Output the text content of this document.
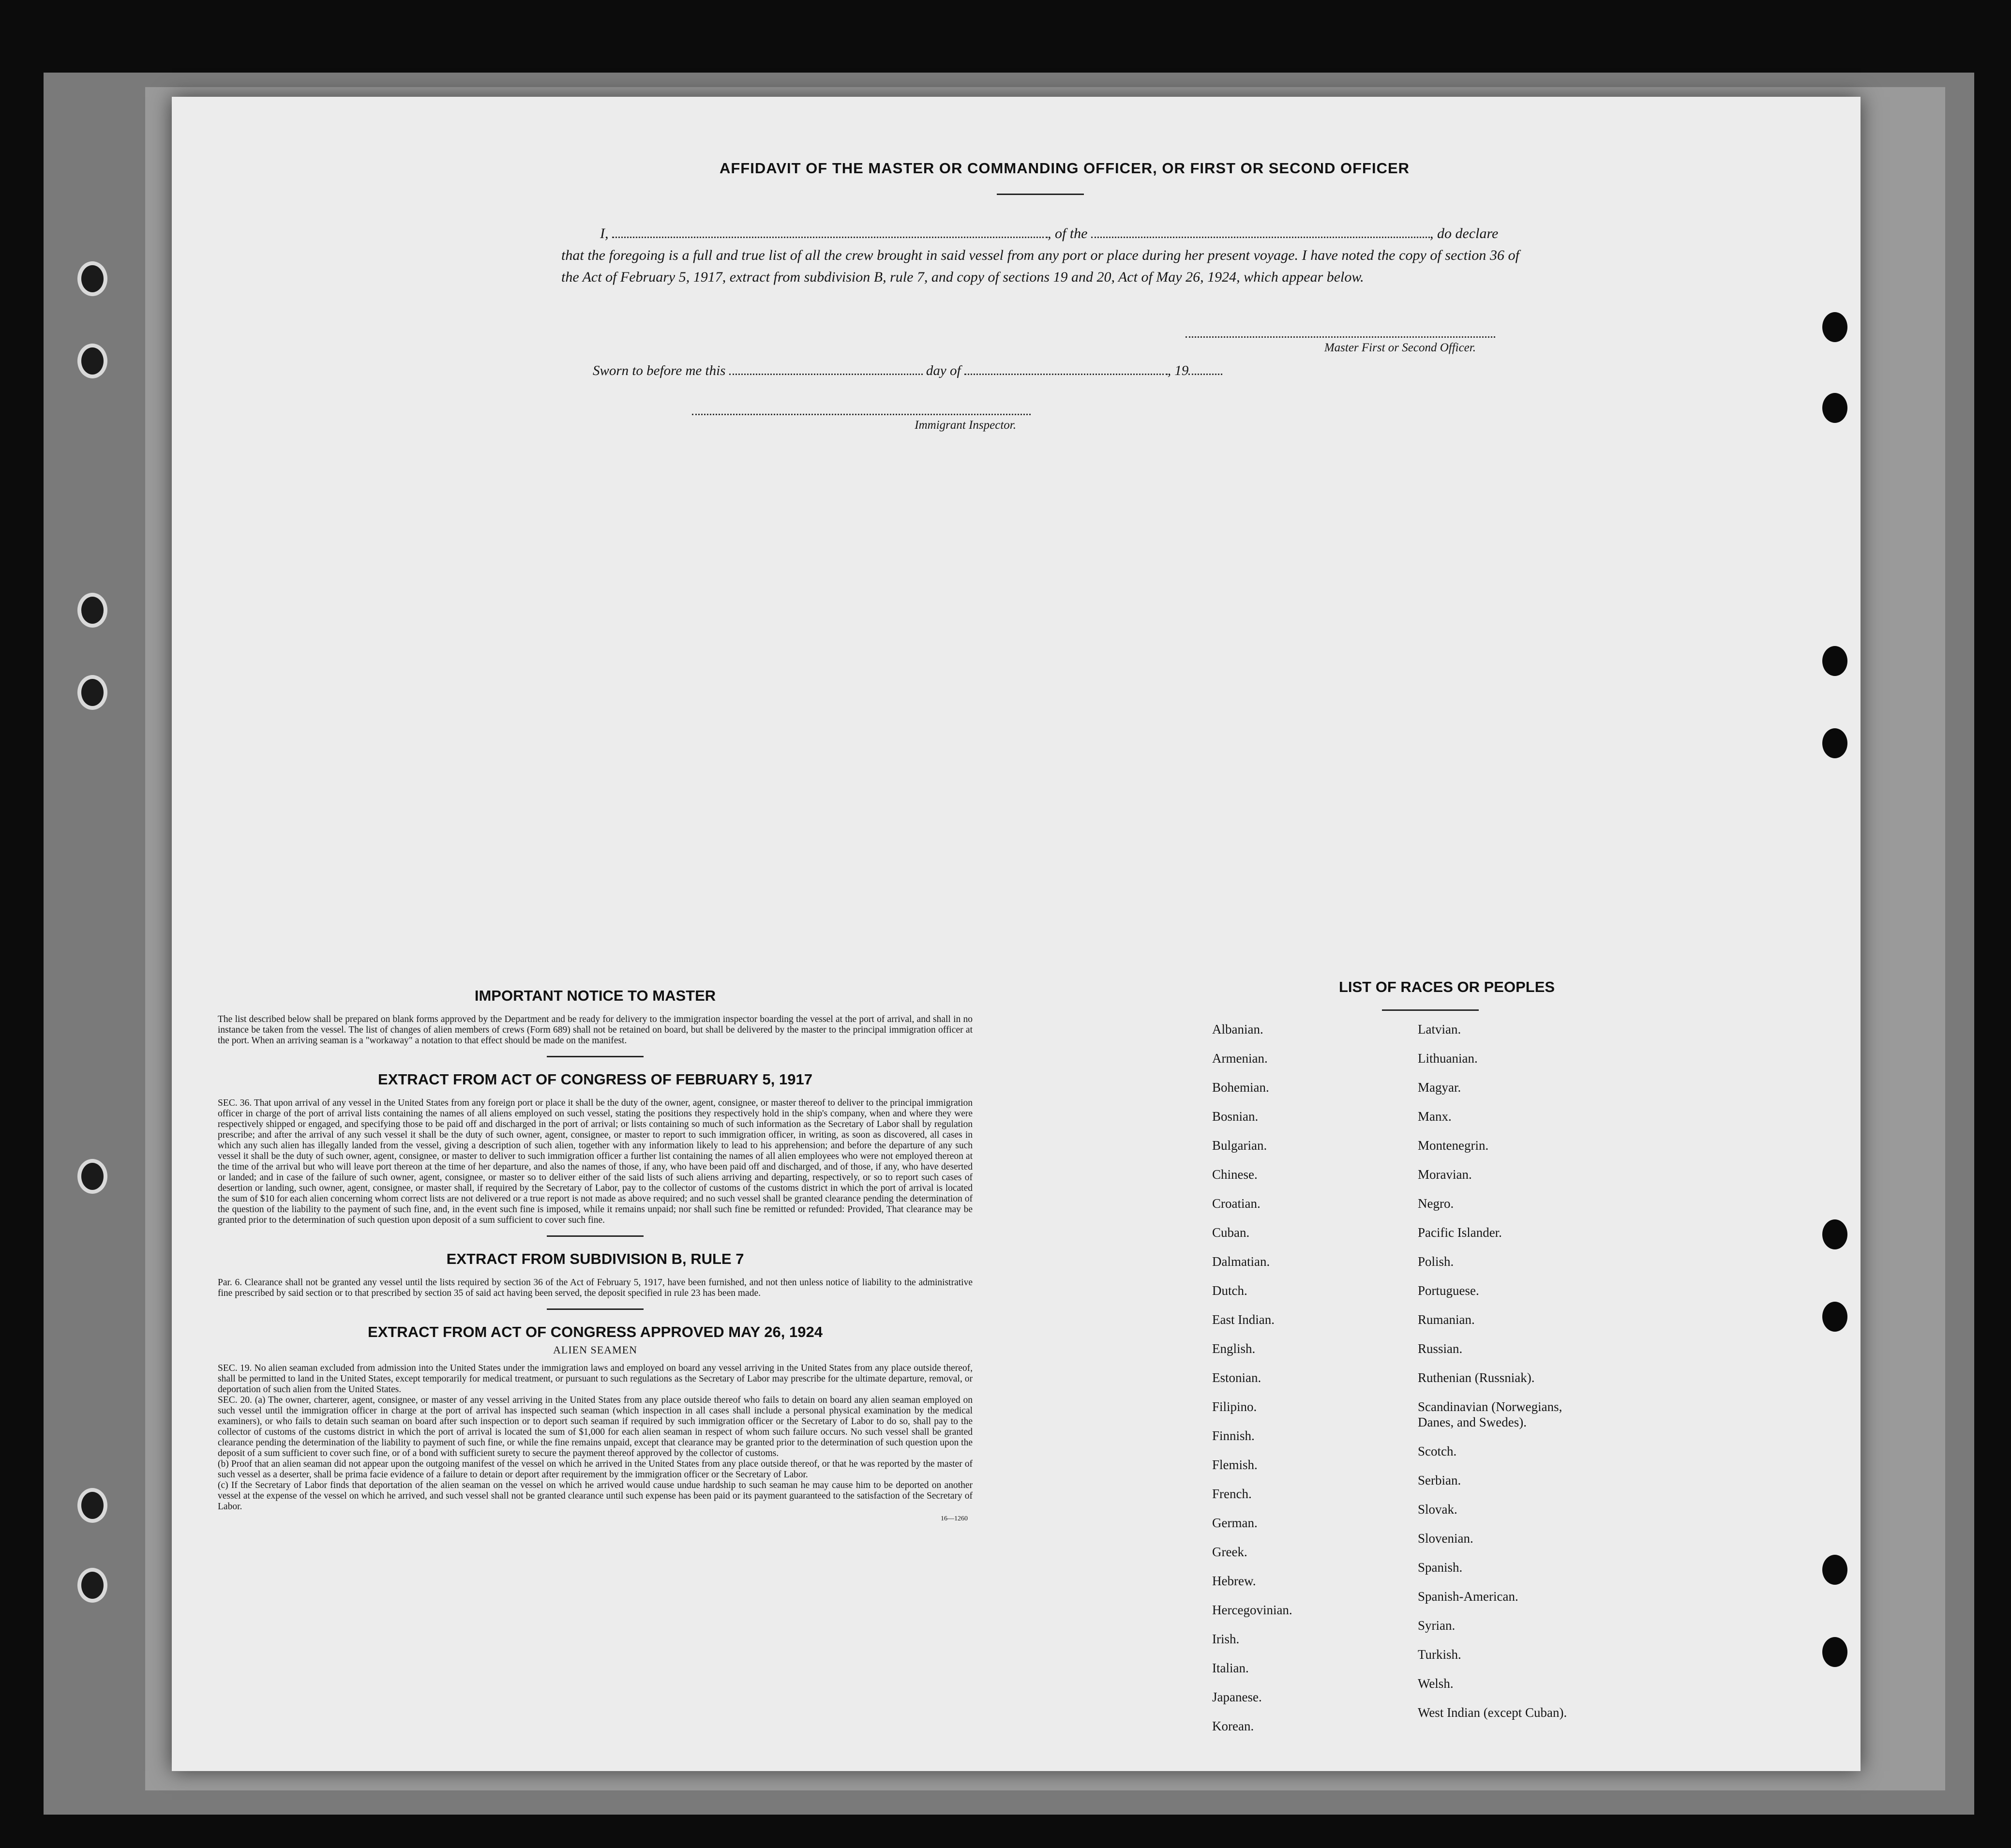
AFFIDAVIT OF THE MASTER OR COMMANDING OFFICER, OR FIRST OR SECOND OFFICER
I,	, of the	, do declare
that the foregoing is a full and true list of all the crew brought in said vessel from any port or place during her present voyage. I have noted the copy of section 36 of the Act of February 5, 1917, extract from subdivision B, rule 7, and copy of sections 19 and 20, Act of May 26, 1924, which appear below.
Master First or Second Officer.
Sworn to before me this	day of	, 19
Immigrant Inspector.
IMPORTANT NOTICE TO MASTER

The list described below shall be prepared on blank forms approved by the Department and be ready for delivery to the immigration inspector boarding the vessel at the port of arrival, and shall in no instance be taken from the vessel. The list of changes of alien members of crews (Form 689) shall not be retained on board, but shall be delivered by the master to the principal immigration officer at the port. When an arriving seaman is a "workaway" a notation to that effect should be made on the manifest.

EXTRACT FROM ACT OF CONGRESS OF FEBRUARY 5, 1917

SEC. 36. That upon arrival of any vessel in the United States from any foreign port or place it shall be the duty of the owner, agent, consignee, or master thereof to deliver to the principal immigration officer in charge of the port of arrival lists containing the names of all aliens employed on such vessel, stating the positions they respectively hold in the ship's company, when and where they were respectively shipped or engaged, and specifying those to be paid off and discharged in the port of arrival; or lists containing so much of such information as the Secretary of Labor shall by regulation prescribe; and after the arrival of any such vessel it shall be the duty of such owner, agent, consignee, or master to report to such immigration officer, in writing, as soon as discovered, all cases in which any such alien has illegally landed from the vessel, giving a description of such alien, together with any information likely to lead to his apprehension; and before the departure of any such vessel it shall be the duty of such owner, agent, consignee, or master to deliver to such immigration officer a further list containing the names of all alien employees who were not employed thereon at the time of the arrival but who will leave port thereon at the time of her departure, and also the names of those, if any, who have been paid off and discharged, and of those, if any, who have deserted or landed; and in case of the failure of such owner, agent, consignee, or master so to deliver either of the said lists of such aliens arriving and departing, respectively, or so to report such cases of desertion or landing, such owner, agent, consignee, or master shall, if required by the Secretary of Labor, pay to the collector of customs of the customs district in which the port of arrival is located the sum of $10 for each alien concerning whom correct lists are not delivered or a true report is not made as above required; and no such vessel shall be granted clearance pending the determination of the question of the liability to the payment of such fine, and, in the event such fine is imposed, while it remains unpaid; nor shall such fine be remitted or refunded: Provided, That clearance may be granted prior to the determination of such question upon deposit of a sum sufficient to cover such fine.

EXTRACT FROM SUBDIVISION B, RULE 7

Par. 6. Clearance shall not be granted any vessel until the lists required by section 36 of the Act of February 5, 1917, have been furnished, and not then unless notice of liability to the administrative fine prescribed by said section or to that prescribed by section 35 of said act having been served, the deposit specified in rule 23 has been made.

EXTRACT FROM ACT OF CONGRESS APPROVED MAY 26, 1924
ALIEN SEAMEN

SEC. 19. No alien seaman excluded from admission into the United States under the immigration laws and employed on board any vessel arriving in the United States from any place outside thereof, shall be permitted to land in the United States, except temporarily for medical treatment, or pursuant to such regulations as the Secretary of Labor may prescribe for the ultimate departure, removal, or deportation of such alien from the United States.

SEC. 20. (a) The owner, charterer, agent, consignee, or master of any vessel arriving in the United States from any place outside thereof who fails to detain on board any alien seaman employed on such vessel until the immigration officer in charge at the port of arrival has inspected such seaman (which inspection in all cases shall include a personal physical examination by the medical examiners), or who fails to detain such seaman on board after such inspection or to deport such seaman if required by such immigration officer or the Secretary of Labor to do so, shall pay to the collector of customs of the customs district in which the port of arrival is located the sum of $1,000 for each alien seaman in respect of whom such failure occurs. No such vessel shall be granted clearance pending the determination of the liability to payment of such fine, or while the fine remains unpaid, except that clearance may be granted prior to the determination of such question upon the deposit of a sum sufficient to cover such fine, or of a bond with sufficient surety to secure the payment thereof approved by the collector of customs.

(b) Proof that an alien seaman did not appear upon the outgoing manifest of the vessel on which he arrived in the United States from any place outside thereof, or that he was reported by the master of such vessel as a deserter, shall be prima facie evidence of a failure to detain or deport after requirement by the immigration officer or the Secretary of Labor.

(c) If the Secretary of Labor finds that deportation of the alien seaman on the vessel on which he arrived would cause undue hardship to such seaman he may cause him to be deported on another vessel at the expense of the vessel on which he arrived, and such vessel shall not be granted clearance until such expense has been paid or its payment guaranteed to the satisfaction of the Secretary of Labor.

16—1260
LIST OF RACES OR PEOPLES
Albanian.
Armenian.
Bohemian.
Bosnian.
Bulgarian.
Chinese.
Croatian.
Cuban.
Dalmatian.
Dutch.
East Indian.
English.
Estonian.
Filipino.
Finnish.
Flemish.
French.
German.
Greek.
Hebrew.
Hercegovinian.
Irish.
Italian.
Japanese.
Korean.
Latvian.
Lithuanian.
Magyar.
Manx.
Montenegrin.
Moravian.
Negro.
Pacific Islander.
Polish.
Portuguese.
Rumanian.
Russian.
Ruthenian (Russniak).
Scandinavian (Norwegians,
Danes, and Swedes).
Scotch.
Serbian.
Slovak.
Slovenian.
Spanish.
Spanish-American.
Syrian.
Turkish.
Welsh.
West Indian (except Cuban).
